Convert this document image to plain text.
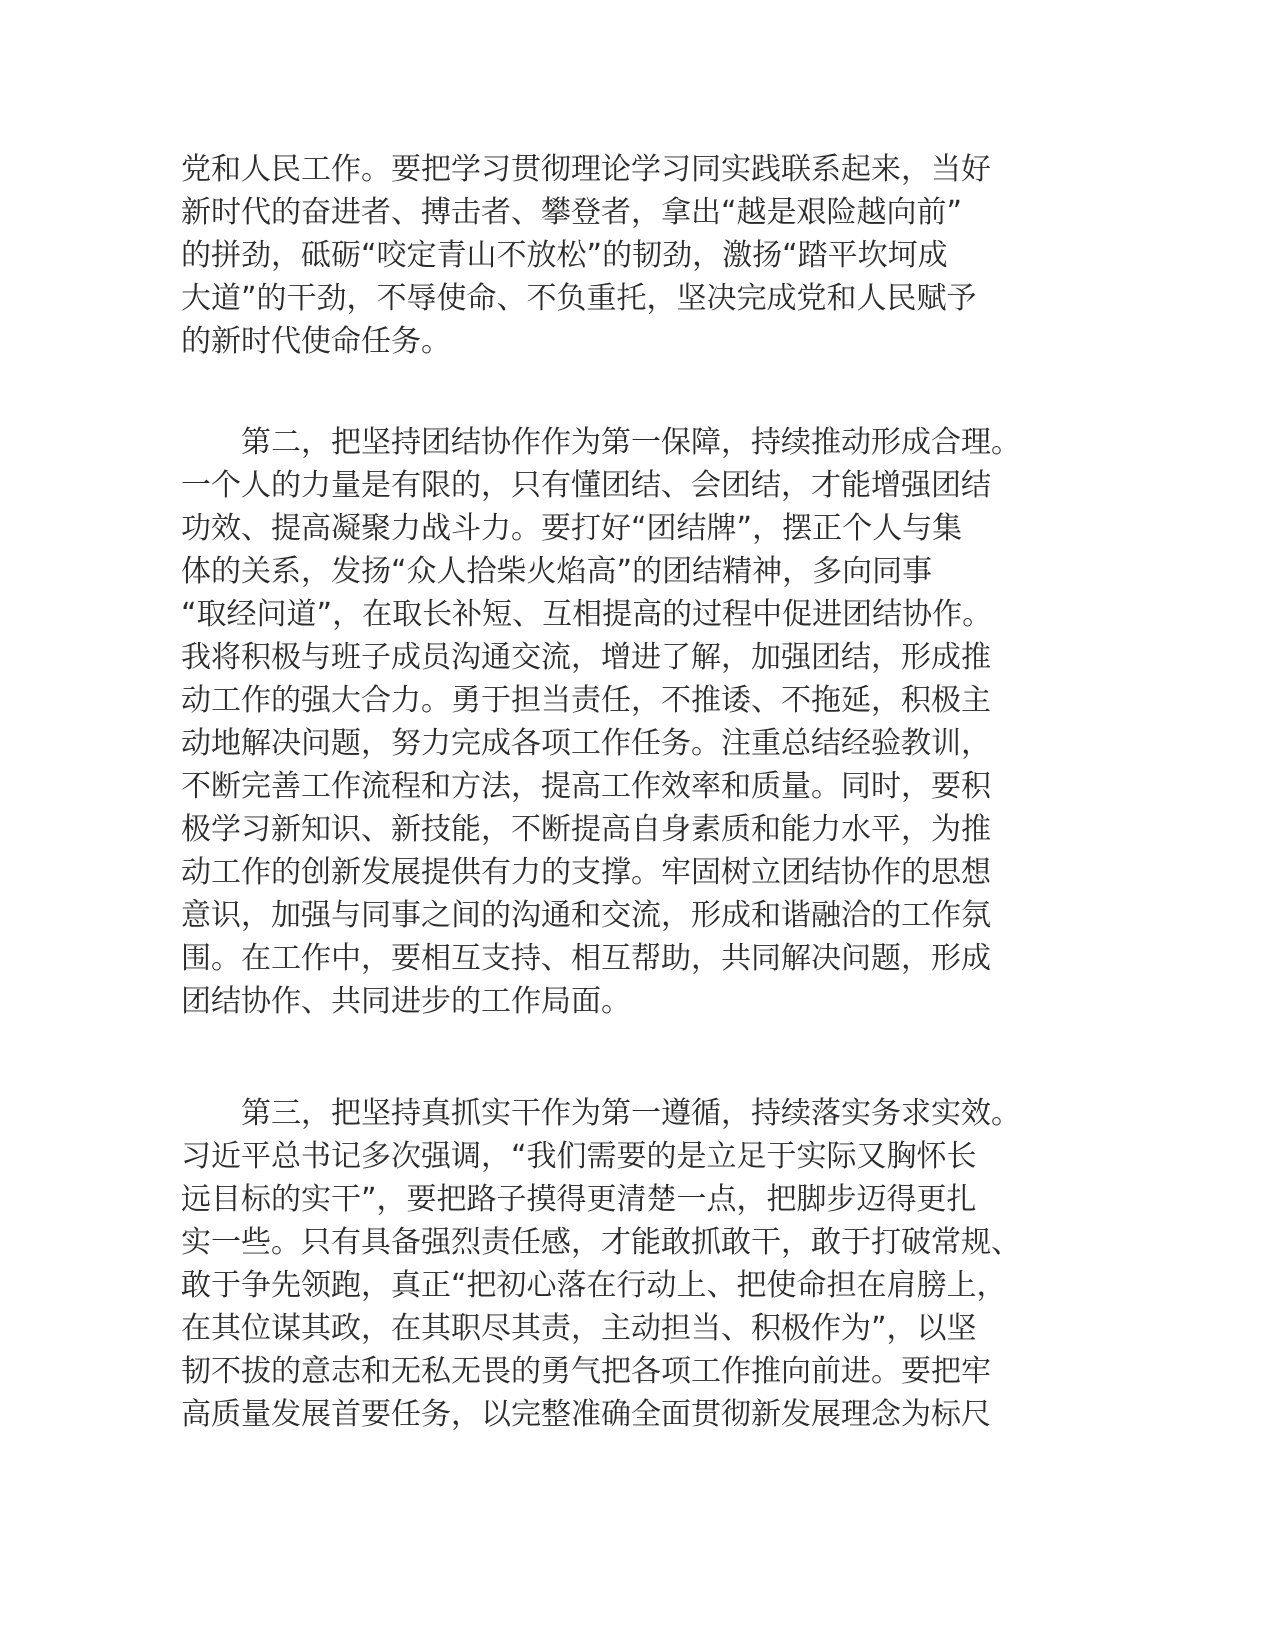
党和人民工作。要把学习贯彻理论学习同实践联系起来，当好
新时代的奋进者、搏击者、攀登者，拿出“越是艰险越向前”
的拼劲，砥砺“咬定青山不放松”的韧劲，激扬“踏平坎坷成
大道”的干劲，不辱使命、不负重托，坚决完成党和人民赋予
的新时代使命任务。
　　第二，把坚持团结协作作为第一保障，持续推动形成合理。
一个人的力量是有限的，只有懂团结、会团结，才能增强团结
功效、提高凝聚力战斗力。要打好“团结牌”，摆正个人与集
体的关系，发扬“众人拾柴火焰高”的团结精神，多向同事
“取经问道”，在取长补短、互相提高的过程中促进团结协作。
我将积极与班子成员沟通交流，增进了解，加强团结，形成推
动工作的强大合力。勇于担当责任，不推诿、不拖延，积极主
动地解决问题，努力完成各项工作任务。注重总结经验教训，
不断完善工作流程和方法，提高工作效率和质量。同时，要积
极学习新知识、新技能，不断提高自身素质和能力水平，为推
动工作的创新发展提供有力的支撑。牢固树立团结协作的思想
意识，加强与同事之间的沟通和交流，形成和谐融洽的工作氛
围。在工作中，要相互支持、相互帮助，共同解决问题，形成
团结协作、共同进步的工作局面。
　　第三，把坚持真抓实干作为第一遵循，持续落实务求实效。
习近平总书记多次强调，“我们需要的是立足于实际又胸怀长
远目标的实干”，要把路子摸得更清楚一点，把脚步迈得更扎
实一些。只有具备强烈责任感，才能敢抓敢干，敢于打破常规、
敢于争先领跑，真正“把初心落在行动上、把使命担在肩膀上，
在其位谋其政，在其职尽其责，主动担当、积极作为”，以坚
韧不拔的意志和无私无畏的勇气把各项工作推向前进。要把牢
高质量发展首要任务，以完整准确全面贯彻新发展理念为标尺
